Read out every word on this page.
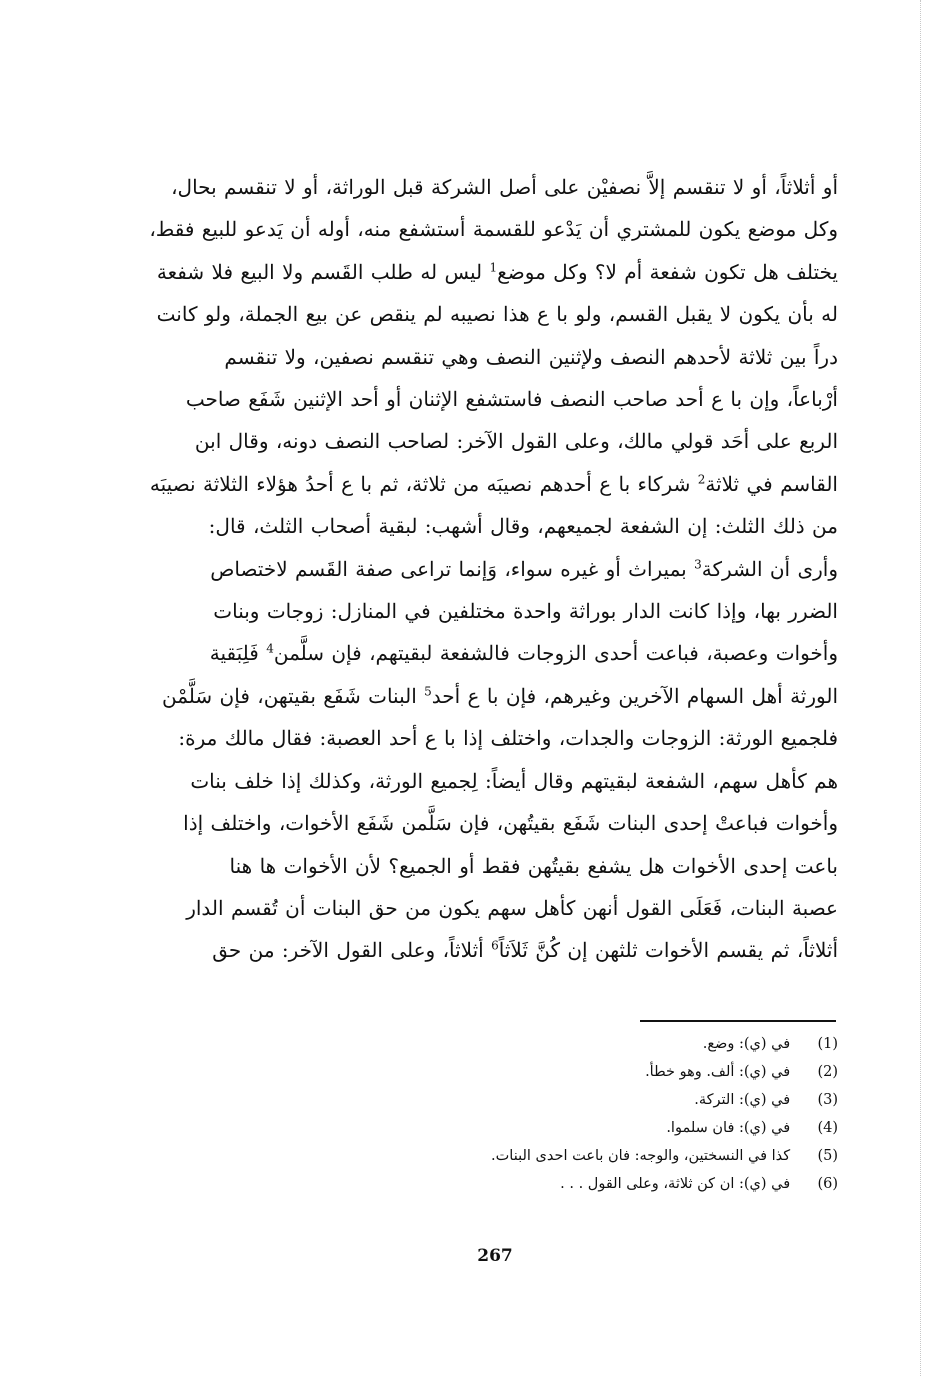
أو أثلاثاً، أو لا تنقسم إلاَّ نصفيْن على أصل الشركة قبل الوراثة، أو لا تنقسم بحال،
وكل موضع يكون للمشتري أن يَدْعو للقسمة أستشفع منه، أوله أن يَدعو للبيع فقط،
يختلف هل تكون شفعة أم لا؟ وكل موضع$^1$ ليس له طلب القَسم ولا البيع فلا شفعة
له بأن يكون لا يقبل القسم، ولو با ع هذا نصيبه لم ينقص عن بيع الجملة، ولو كانت
دراً بين ثلاثة لأحدهم النصف ولإثنين النصف وهي تنقسم نصفين، ولا تنقسم
أرْباعاً، وإن با ع أحد صاحب النصف فاستشفع الإثنان أو أحد الإثنين شَفَع صاحب
الربع على أحَد قولي مالك، وعلى القول الآخر: لصاحب النصف دونه، وقال ابن
القاسم في ثلاثة$^2$ شركاء با ع أحدهم نصيبَه من ثلاثة، ثم با ع أحدُ هؤلاء الثلاثة نصيبَه
من ذلك الثلث: إن الشفعة لجميعهم، وقال أشهب: لبقية أصحاب الثلث، قال:
وأرى أن الشركة$^3$ بميراث أو غيره سواء، وَإنما تراعى صفة القَسم لاختصاص
الضرر بها، وإذا كانت الدار بوراثة واحدة مختلفين في المنازل: زوجات وبنات
وأخوات وعصبة، فباعت أحدى الزوجات فالشفعة لبقيتهم، فإن سلَّمن$^4$ فَلِبَقية
الورثة أهل السهام الآخرين وغيرهم، فإن با ع أحد$^5$ البنات شَفَع بقيتهن، فإن سَلَّمْن
فلجميع الورثة: الزوجات والجدات، واختلف إذا با ع أحد العصبة: فقال مالك مرة:
هم كأهل سهم، الشفعة لبقيتهم وقال أيضاً: لِجميع الورثة، وكذلك إذا خلف بنات
وأخوات فباعتْ إحدى البنات شَفَع بقيتُهن، فإن سَلَّمن شَفَع الأخوات، واختلف إذا
باعت إحدى الأخوات هل يشفع بقيتُهن فقط أو الجميع؟ لأن الأخوات ها هنا
عصبة البنات، فَعَلَى القول أنهن كأهل سهم يكون من حق البنات أن تُقسم الدار
أثلاثاً، ثم يقسم الأخوات ثلثهن إن كُنَّ ثَلاَثاً$^6$ أثلاثاً، وعلى القول الآخر: من حق
(1)   في (ي): وضع.
(2)   في (ي): ألف. وهو خطأ.
(3)   في (ي): التركة.
(4)   في (ي): فان سلموا.
(5)   كذا في النسختين، والوجه: فان باعت احدى البنات.
(6)   في (ي): ان كن ثلاثة، وعلى القول . . .
267
